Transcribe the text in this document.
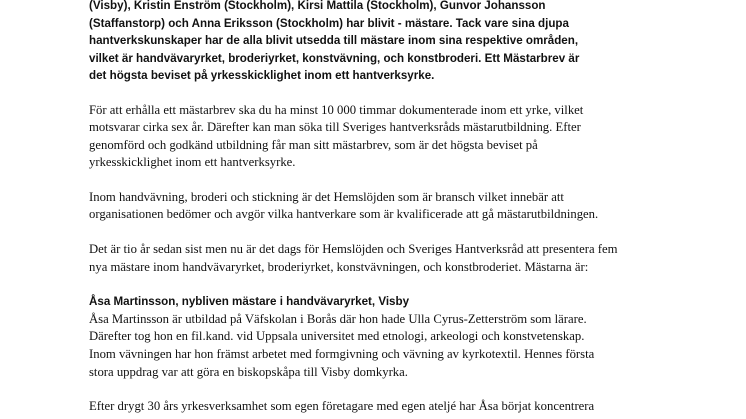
(Visby), Kristin Enström (Stockholm), Kirsi Mattila (Stockholm), Gunvor Johansson

(Staffanstorp) och Anna Eriksson (Stockholm) har blivit - mästare. Tack vare sina djupa

hantverkskunskaper har de alla blivit utsedda till mästare inom sina respektive områden,

vilket är handvävaryrket, broderiyrket, konstvävning, och konstbroderi. Ett Mästarbrev är

det högsta beviset på yrkesskicklighet inom ett hantverksyrke.

För att erhålla ett mästarbrev ska du ha minst 10 000 timmar dokumenterade inom ett yrke, vilket

motsvarar cirka sex år. Därefter kan man söka till Sveriges hantverksråds mästarutbildning. Efter

genomförd och godkänd utbildning får man sitt mästarbrev, som är det högsta beviset på

yrkesskicklighet inom ett hantverksyrke.

Inom handvävning, broderi och stickning är det Hemslöjden som är bransch vilket innebär att

organisationen bedömer och avgör vilka hantverkare som är kvalificerade att gå mästarutbildningen.

Det är tio år sedan sist men nu är det dags för Hemslöjden och Sveriges Hantverksråd att presentera fem

nya mästare inom handvävaryrket, broderiyrket, konstvävningen, och konstbroderiet. Mästarna är:

Åsa Martinsson, nybliven mästare i handvävaryrket, Visby

Åsa Martinsson är utbildad på Väfskolan i Borås där hon hade Ulla Cyrus-Zetterström som lärare.

Därefter tog hon en fil.kand. vid Uppsala universitet med etnologi, arkeologi och konstvetenskap.

Inom vävningen har hon främst arbetet med formgivning och vävning av kyrkotextil. Hennes första

stora uppdrag var att göra en biskopskåpa till Visby domkyrka.

Efter drygt 30 års yrkesverksamhet som egen företagare med egen ateljé har Åsa börjat koncentrera
